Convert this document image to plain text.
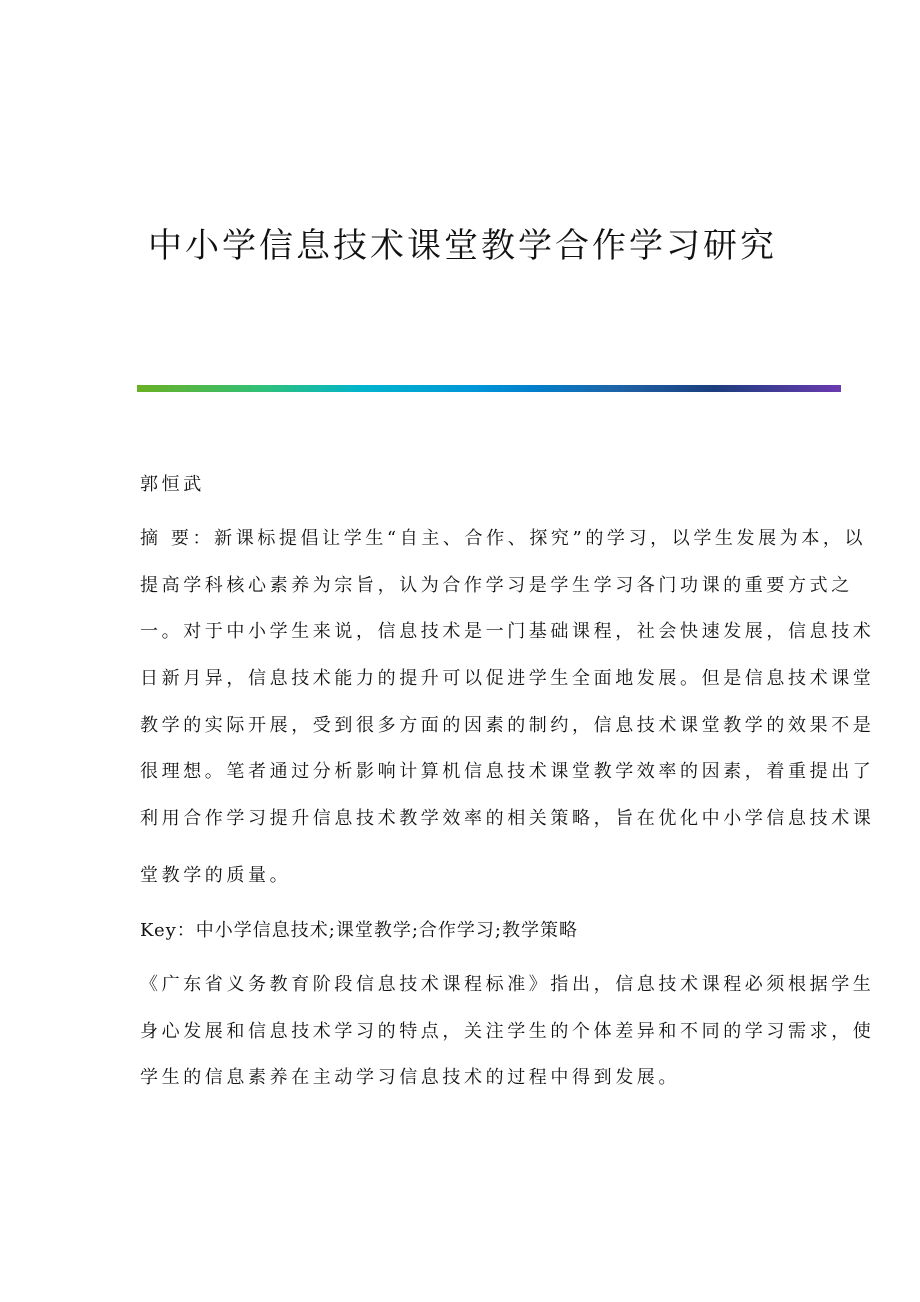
中小学信息技术课堂教学合作学习研究
郭恒武
摘 要：新课标提倡让学生“自主、合作、探究”的学习，以学生发展为本，以
提高学科核心素养为宗旨，认为合作学习是学生学习各门功课的重要方式之
一。对于中小学生来说，信息技术是一门基础课程，社会快速发展，信息技术
日新月异，信息技术能力的提升可以促进学生全面地发展。但是信息技术课堂
教学的实际开展，受到很多方面的因素的制约，信息技术课堂教学的效果不是
很理想。笔者通过分析影响计算机信息技术课堂教学效率的因素，着重提出了
利用合作学习提升信息技术教学效率的相关策略，旨在优化中小学信息技术课
堂教学的质量。
Key：中小学信息技术;课堂教学;合作学习;教学策略
《广东省义务教育阶段信息技术课程标准》指出，信息技术课程必须根据学生
身心发展和信息技术学习的特点，关注学生的个体差异和不同的学习需求，使
学生的信息素养在主动学习信息技术的过程中得到发展。
